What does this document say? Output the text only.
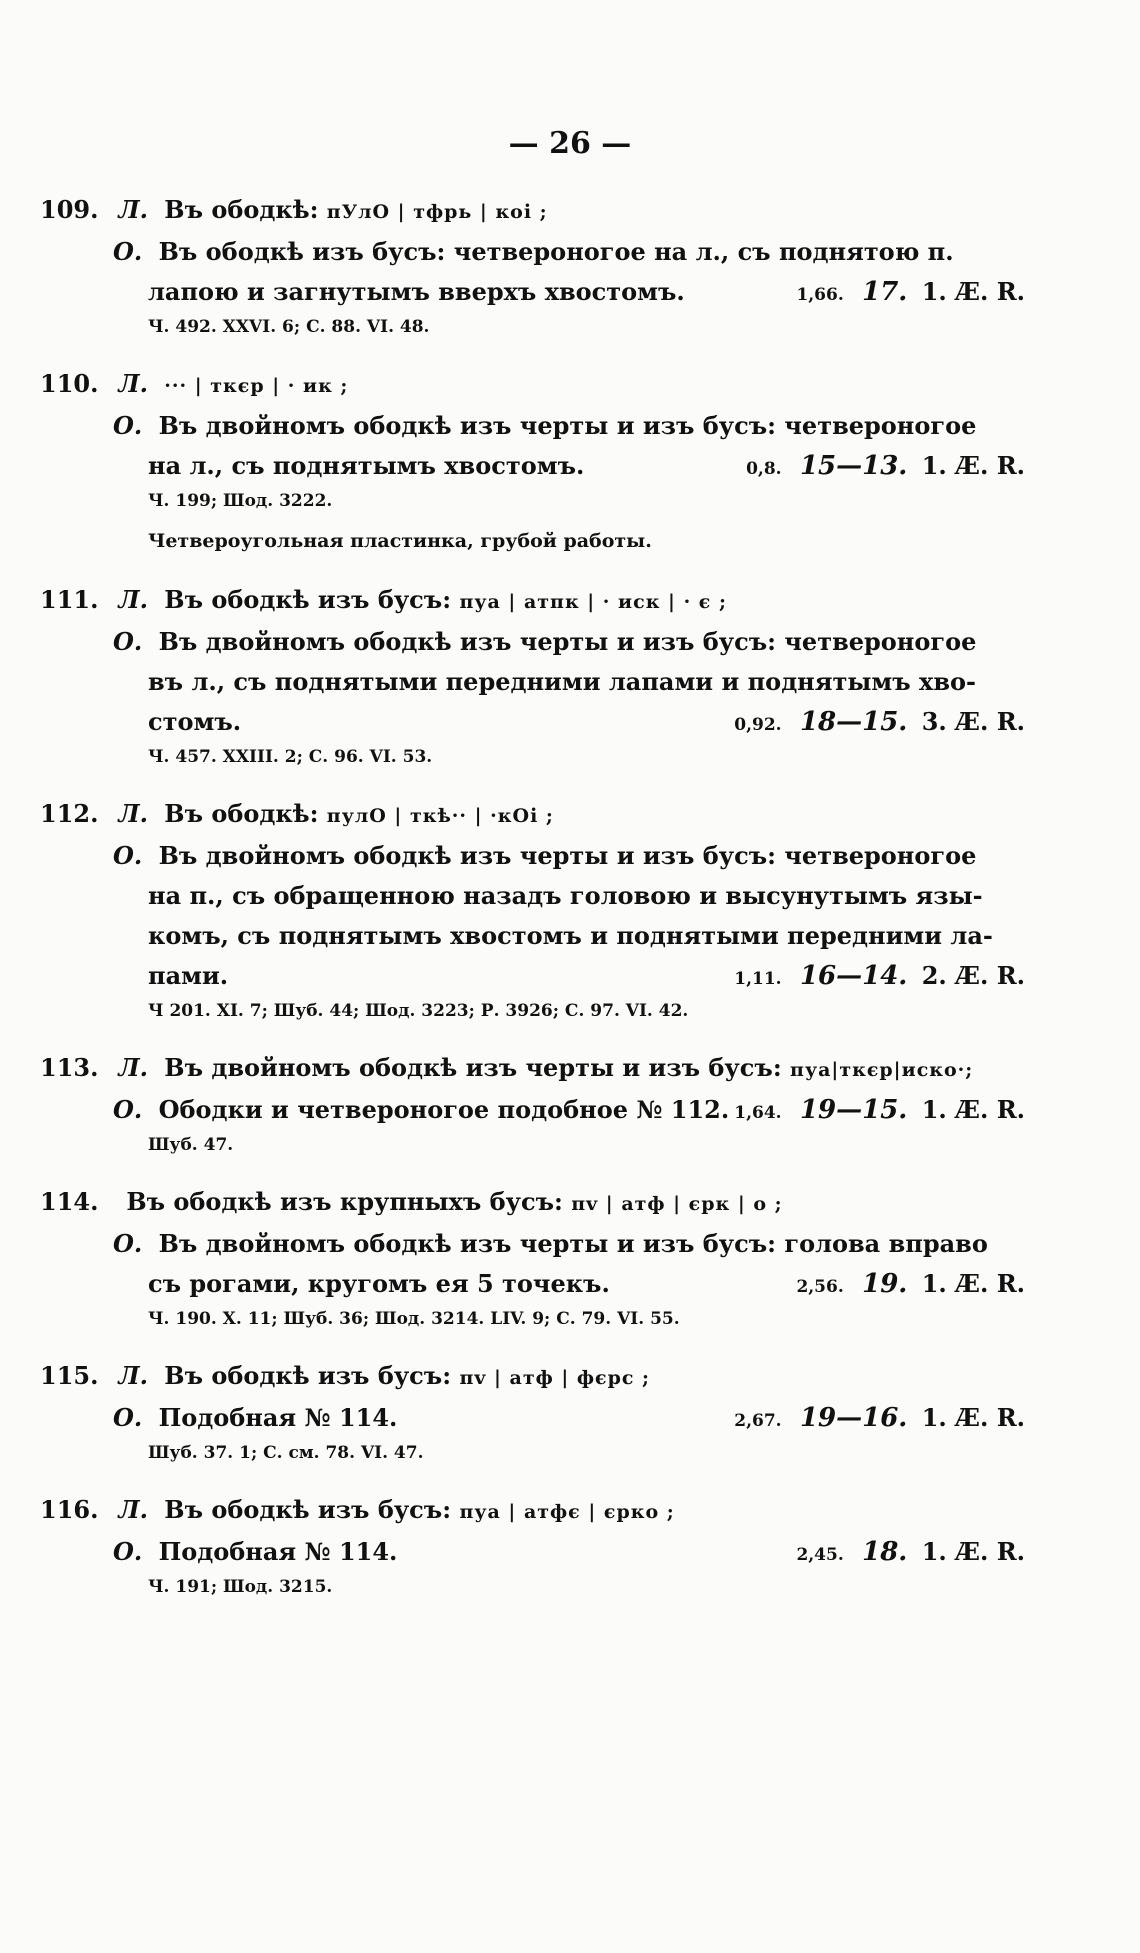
— 26 —
109. Л. Въ ободкѣ: пУлО | тфрь | коі ;
О. Въ ободкѣ изъ бусъ: четвероногое на л., съ поднятою п.
лапою и загнутымъ вверхъ хвостомъ.	1,66. 17. 1. Æ. R.
Ч. 492. XXVI. 6; С. 88. VI. 48.
110. Л. ··· | ткєр | · ик ;
О. Въ двойномъ ободкѣ изъ черты и изъ бусъ: четвероногое
на л., съ поднятымъ хвостомъ.	0,8. 15—13. 1. Æ. R.
Ч. 199; Шод. 3222.
Четвероугольная пластинка, грубой работы.
111. Л. Въ ободкѣ изъ бусъ: пуа | атпк | · иск | · є ;
О. Въ двойномъ ободкѣ изъ черты и изъ бусъ: четвероногое
въ л., съ поднятыми передними лапами и поднятымъ хво-
стомъ.	0,92. 18—15. 3. Æ. R.
Ч. 457. XXIII. 2; С. 96. VI. 53.
112. Л. Въ ободкѣ: пулО | ткѣ·· | ·кОі ;
О. Въ двойномъ ободкѣ изъ черты и изъ бусъ: четвероногое
на п., съ обращенною назадъ головою и высунутымъ язы-
комъ, съ поднятымъ хвостомъ и поднятыми передними ла-
пами.	1,11. 16—14. 2. Æ. R.
Ч 201. XI. 7; Шуб. 44; Шод. 3223; Р. 3926; С. 97. VI. 42.
113. Л. Въ двойномъ ободкѣ изъ черты и изъ бусъ: пуа|ткєр|иско·;
О. Ободки и четвероногое подобное № 112. 1,64. 19—15. 1. Æ. R.
Шуб. 47.
114. Въ ободкѣ изъ крупныхъ бусъ: пv | атф | єрк | о ;
О. Въ двойномъ ободкѣ изъ черты и изъ бусъ: голова вправо
съ рогами, кругомъ ея 5 точекъ.	2,56. 19. 1. Æ. R.
Ч. 190. X. 11; Шуб. 36; Шод. 3214. LIV. 9; С. 79. VI. 55.
115. Л. Въ ободкѣ изъ бусъ: пv | атф | фєрс ;
О. Подобная № 114.	2,67. 19—16. 1. Æ. R.
Шуб. 37. 1; С. см. 78. VI. 47.
116. Л. Въ ободкѣ изъ бусъ: пуа | атфє | єрко ;
О. Подобная № 114.	2,45. 18. 1. Æ. R.
Ч. 191; Шод. 3215.
